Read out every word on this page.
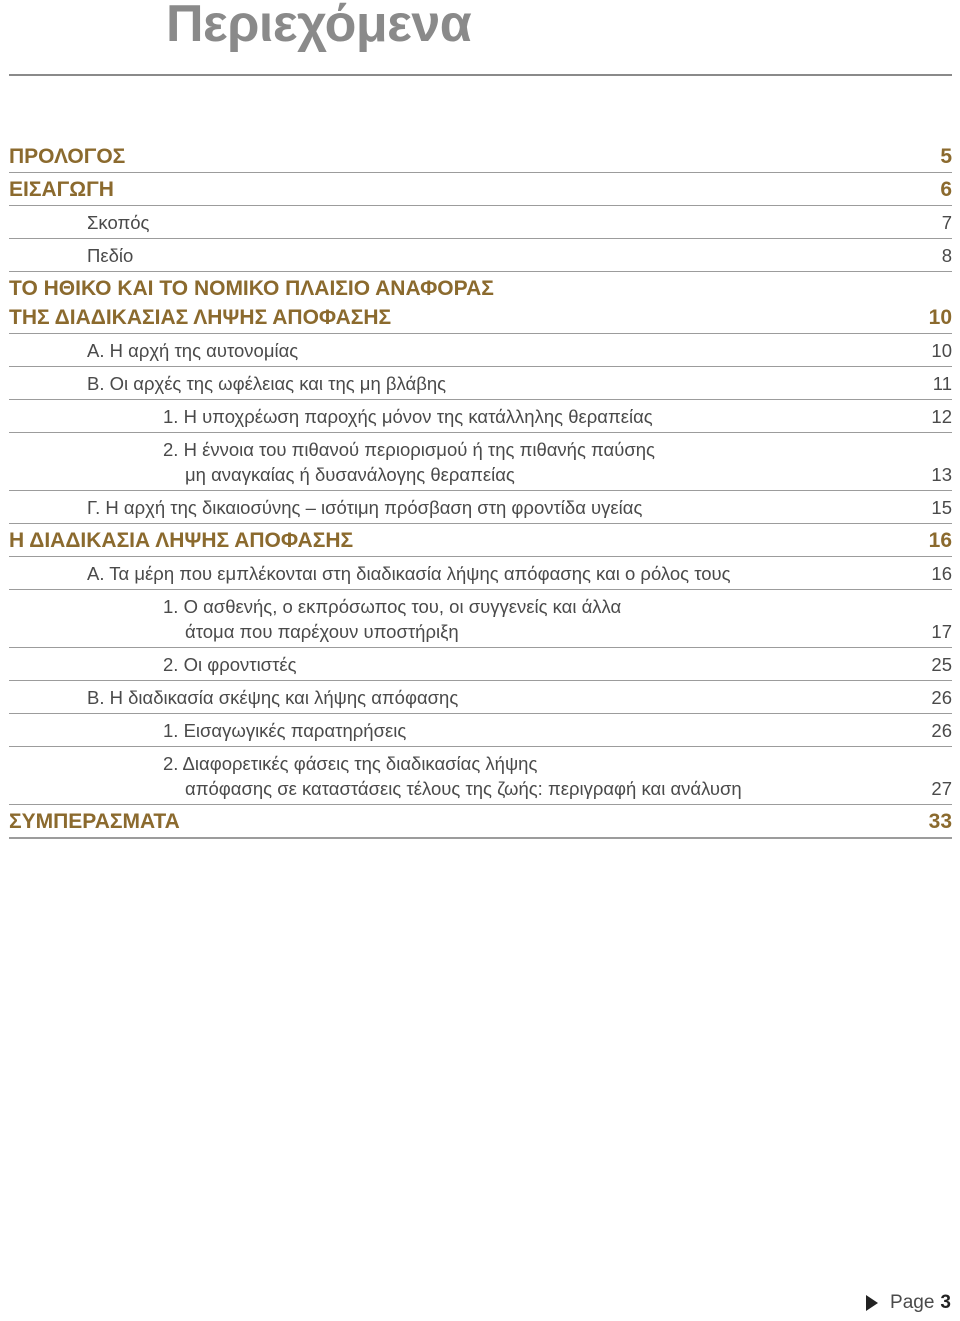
Περιεχόμενα
ΠΡΟΛΟΓΟΣ	5
ΕΙΣΑΓΩΓΗ	6
Σκοπός	7
Πεδίο	8
ΤΟ ΗΘΙΚΟ ΚΑΙ ΤΟ ΝΟΜΙΚΟ ΠΛΑΙΣΙΟ ΑΝΑΦΟΡΑΣ
ΤΗΣ ΔΙΑΔΙΚΑΣΙΑΣ ΛΗΨΗΣ ΑΠΟΦΑΣΗΣ	10
Α. Η αρχή της αυτονομίας	10
Β. Οι αρχές της ωφέλειας και της μη βλάβης	11
1. Η υποχρέωση παροχής μόνον της κατάλληλης θεραπείας	12
2. Η έννοια του πιθανού περιορισμού ή της πιθανής παύσης
μη αναγκαίας ή δυσανάλογης θεραπείας	13
Γ. Η αρχή της δικαιοσύνης – ισότιμη πρόσβαση στη φροντίδα υγείας	15
Η ΔΙΑΔΙΚΑΣΙΑ ΛΗΨΗΣ ΑΠΟΦΑΣΗΣ	16
Α. Τα μέρη που εμπλέκονται στη διαδικασία λήψης απόφασης και ο ρόλος τους	16
1. Ο ασθενής, ο εκπρόσωπος του, οι συγγενείς και άλλα
άτομα που παρέχουν υποστήριξη	17
2. Οι φροντιστές	25
Β. Η διαδικασία σκέψης και λήψης απόφασης	26
1. Εισαγωγικές παρατηρήσεις	26
2. Διαφορετικές φάσεις της διαδικασίας λήψης
απόφασης σε καταστάσεις τέλους της ζωής: περιγραφή και ανάλυση	27
ΣΥΜΠΕΡΑΣΜΑΤΑ	33
Page 3
